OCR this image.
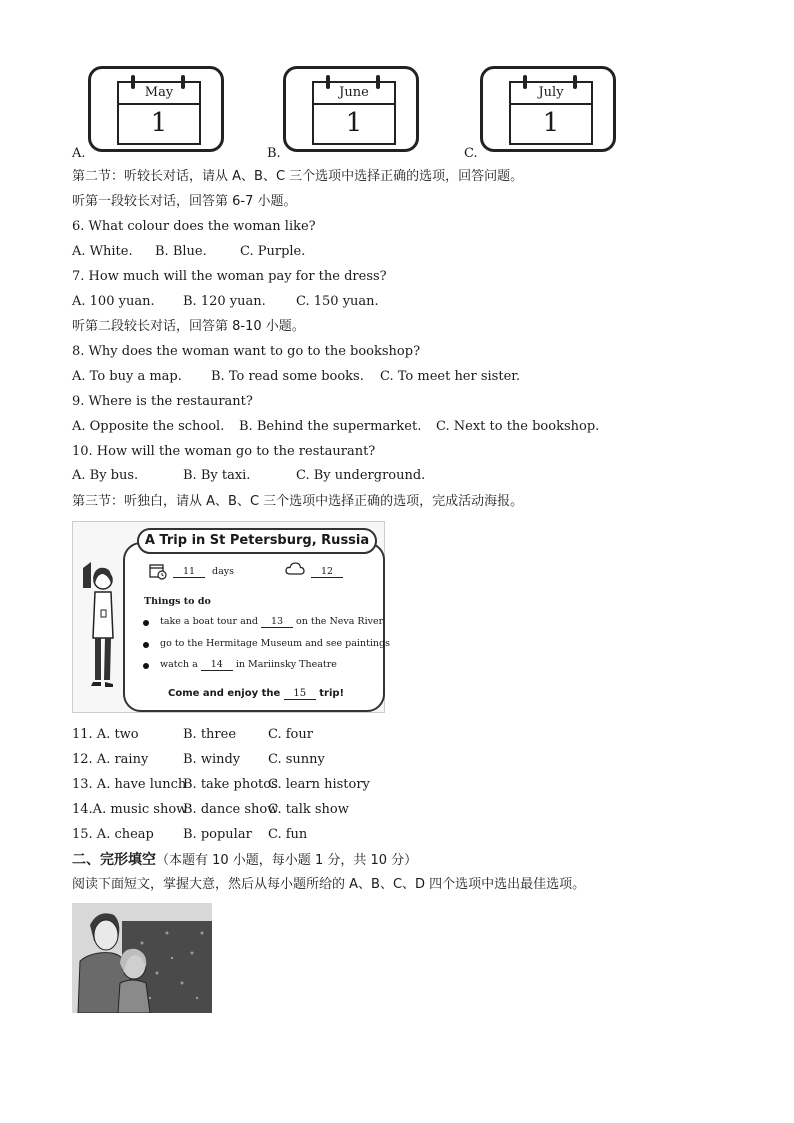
A.
May
1
B.
June
1
C.
July
1
第二节：听较长对话，请从 A、B、C 三个选项中选择正确的选项，回答问题。
听第一段较长对话，回答第 6-7 小题。
6. What colour does the woman like?
A. White. B. Blue.	C. Purple.
7. How much will the woman pay for the dress?
A. 100 yuan. B. 120 yuan. C. 150 yuan.
听第二段较长对话，回答第 8-10 小题。
8. Why does the woman want to go to the bookshop?
A. To buy a map. B. To read some books. C. To meet her sister.
9. Where is the restaurant?
A. Opposite the school. B. Behind the supermarket. C. Next to the bookshop.
10. How will the woman go to the restaurant?
A. By bus.	B. By taxi.	C. By underground.
第三节：听独白，请从 A、B、C 三个选项中选择正确的选项，完成活动海报。
A Trip in St Petersburg, Russia
11 days	12
Things to do
take a boat tour and 13 on the Neva River
go to the Hermitage Museum and see paintings
watch a 14 in Mariinsky Theatre
Come and enjoy the 15 trip!
11. A. two	B. three C. four
12. A. rainy	B. windy C. sunny
13. A. have lunch
B. take photos
C. learn history
14.A. music show
B. dance show
C. talk show
15. A. cheap B. popular C. fun
二、完形填空（本题有 10 小题，每小题 1 分，共 10 分）
阅读下面短文，掌握大意，然后从每小题所给的 A、B、C、D 四个选项中选出最佳选项。
